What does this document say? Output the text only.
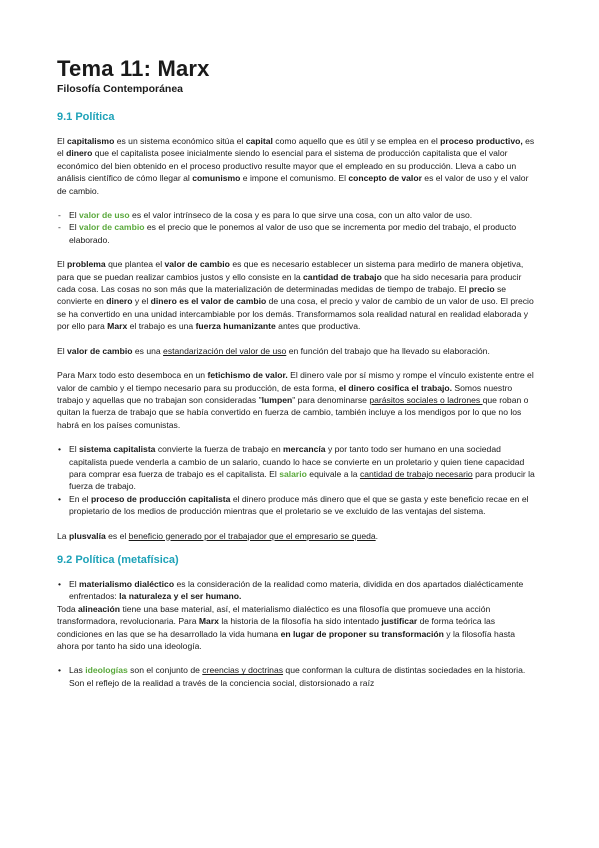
Tema 11: Marx
Filosofía Contemporánea
9.1 Política

El capitalismo es un sistema económico sitúa el capital como aquello que es útil y se emplea en el proceso productivo, es el dinero que el capitalista posee inicialmente siendo lo esencial para el sistema de producción capitalista que el valor económico del bien obtenido en el proceso productivo resulte mayor que el empleado en su producción. Lleva a cabo un análisis científico de cómo llegar al comunismo e impone el comunismo. El concepto de valor es el valor de uso y el valor de cambio.

- El valor de uso es el valor intrínseco de la cosa y es para lo que sirve una cosa, con un alto valor de uso.
- El valor de cambio es el precio que le ponemos al valor de uso que se incrementa por medio del trabajo, el producto elaborado.

El problema que plantea el valor de cambio es que es necesario establecer un sistema para medirlo de manera objetiva, para que se puedan realizar cambios justos y ello consiste en la cantidad de trabajo que ha sido necesaria para producir cada cosa. Las cosas no son más que la materialización de determinadas medidas de tiempo de trabajo. El precio se convierte en dinero y el dinero es el valor de cambio de una cosa, el precio y valor de cambio de un valor de uso. El precio se ha convertido en una unidad intercambiable por los demás. Transformamos sola realidad natural en realidad elaborada y por ello para Marx el trabajo es una fuerza humanizante antes que productiva.

El valor de cambio es una estandarización del valor de uso en función del trabajo que ha llevado su elaboración.

Para Marx todo esto desemboca en un fetichismo de valor. El dinero vale por sí mismo y rompe el vínculo existente entre el valor de cambio y el tiempo necesario para su producción, de esta forma, el dinero cosifica el trabajo. Somos nuestro trabajo y aquellas que no trabajan son consideradas "lumpen" para denominarse parásitos sociales o ladrones que roban o quitan la fuerza de trabajo que se había convertido en fuerza de cambio, también incluye a los mendigos por lo que no los habrá en los países comunistas.

• El sistema capitalista convierte la fuerza de trabajo en mercancía y por tanto todo ser humano en una sociedad capitalista puede venderla a cambio de un salario, cuando lo hace se convierte en un proletario y quien tiene capacidad para comprar esa fuerza de trabajo es el capitalista. El salario equivale a la cantidad de trabajo necesario para producir la fuerza de trabajo.
• En el proceso de producción capitalista el dinero produce más dinero que el que se gasta y este beneficio recae en el propietario de los medios de producción mientras que el proletario se ve excluido de las ventajas del sistema.

La plusvalía es el beneficio generado por el trabajador que el empresario se queda.

9.2 Política (metafísica)
• El materialismo dialéctico es la consideración de la realidad como materia, dividida en dos apartados dialécticamente enfrentados: la naturaleza y el ser humano.

Toda alineación tiene una base material, así, el materialismo dialéctico es una filosofía que promueve una acción transformadora, revolucionaria. Para Marx la historia de la filosofía ha sido intentado justificar de forma teórica las condiciones en las que se ha desarrollado la vida humana en lugar de proponer su transformación y la filosofía hasta ahora por tanto ha sido una ideología.

• Las ideologías son el conjunto de creencias y doctrinas que conforman la cultura de distintas sociedades en la historia. Son el reflejo de la realidad a través de la conciencia social, distorsionado a raíz
